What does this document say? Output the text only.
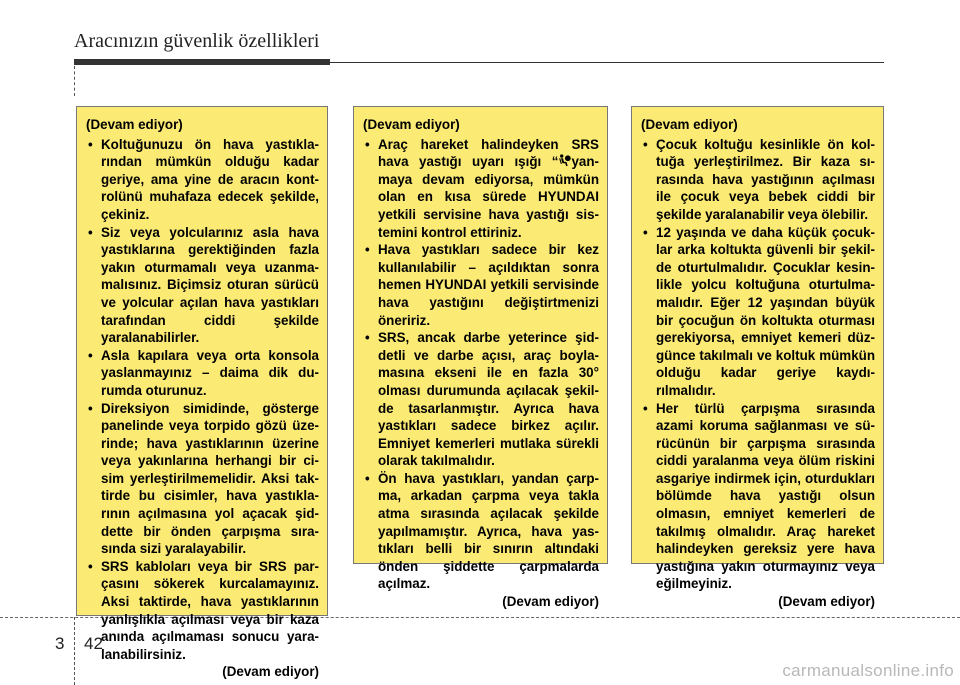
Aracınızın güvenlik özellikleri
(Devam ediyor)
• Koltuğunuzu ön hava yastıklarından mümkün olduğu kadar geriye, ama yine de aracın kontrolünü muhafaza edecek şekilde, çekiniz.
• Siz veya yolcularınız asla hava yastıklarına gerektiğinden fazla yakın oturmamalı veya uzanmamalısınız. Biçimsiz oturan sürücü ve yolcular açılan hava yastıkları tarafından ciddi şekilde yaralanabilirler.
• Asla kapılara veya orta konsola yaslanmayınız – daima dik durumda oturunuz.
• Direksiyon simidinde, gösterge panelinde veya torpido gözü üzerinde; hava yastıklarının üzerine veya yakınlarına herhangi bir cisim yerleştirilmemelidir. Aksi taktirde bu cisimler, hava yastıklarının açılmasına yol açacak şiddette bir önden çarpışma sırasında sizi yaralayabilir.
• SRS kabloları veya bir SRS parçasını sökerek kurcalamayınız. Aksi taktirde, hava yastıklarının yanlışlıkla açılması veya bir kaza anında açılmaması sonucu yaralanabilirsiniz.
(Devam ediyor)
(Devam ediyor)
• Araç hareket halindeyken SRS hava yastığı uyarı ışığı “ yanmaya devam ediyorsa, mümkün olan en kısa sürede HYUNDAI yetkili servisine hava yastığı sistemini kontrol ettiriniz.
• Hava yastıkları sadece bir kez kullanılabilir – açıldıktan sonra hemen HYUNDAI yetkili servisinde hava yastığını değiştirtmenizi öneririz.
• SRS, ancak darbe yeterince şiddetli ve darbe açısı, araç boylamasına ekseni ile en fazla 30° olması durumunda açılacak şekilde tasarlanmıştır. Ayrıca hava yastıkları sadece birkez açılır. Emniyet kemerleri mutlaka sürekli olarak takılmalıdır.
• Ön hava yastıkları, yandan çarpma, arkadan çarpma veya takla atma sırasında açılacak şekilde yapılmamıştır. Ayrıca, hava yastıkları belli bir sınırın altındaki önden şiddette çarpmalarda açılmaz.
(Devam ediyor)
(Devam ediyor)
• Çocuk koltuğu kesinlikle ön koltuğa yerleştirilmez. Bir kaza sırasında hava yastığının açılması ile çocuk veya bebek ciddi bir şekilde yaralanabilir veya ölebilir.
• 12 yaşında ve daha küçük çocuklar arka koltukta güvenli bir şekilde oturtulmalıdır. Çocuklar kesinlikle yolcu koltuğuna oturtulmamalıdır. Eğer 12 yaşından büyük bir çocuğun ön koltukta oturması gerekiyorsa, emniyet kemeri düzgünce takılmalı ve koltuk mümkün olduğu kadar geriye kaydırılmalıdır.
• Her türlü çarpışma sırasında azami koruma sağlanması ve sürücünün bir çarpışma sırasında ciddi yaralanma veya ölüm riskini asgariye indirmek için, oturdukları bölümde hava yastığı olsun olmasın, emniyet kemerleri de takılmış olmalıdır. Araç hareket halindeyken gereksiz yere hava yastığına yakın oturmayınız veya eğilmeyiniz.
(Devam ediyor)
3 42
carmanualsonline.info
